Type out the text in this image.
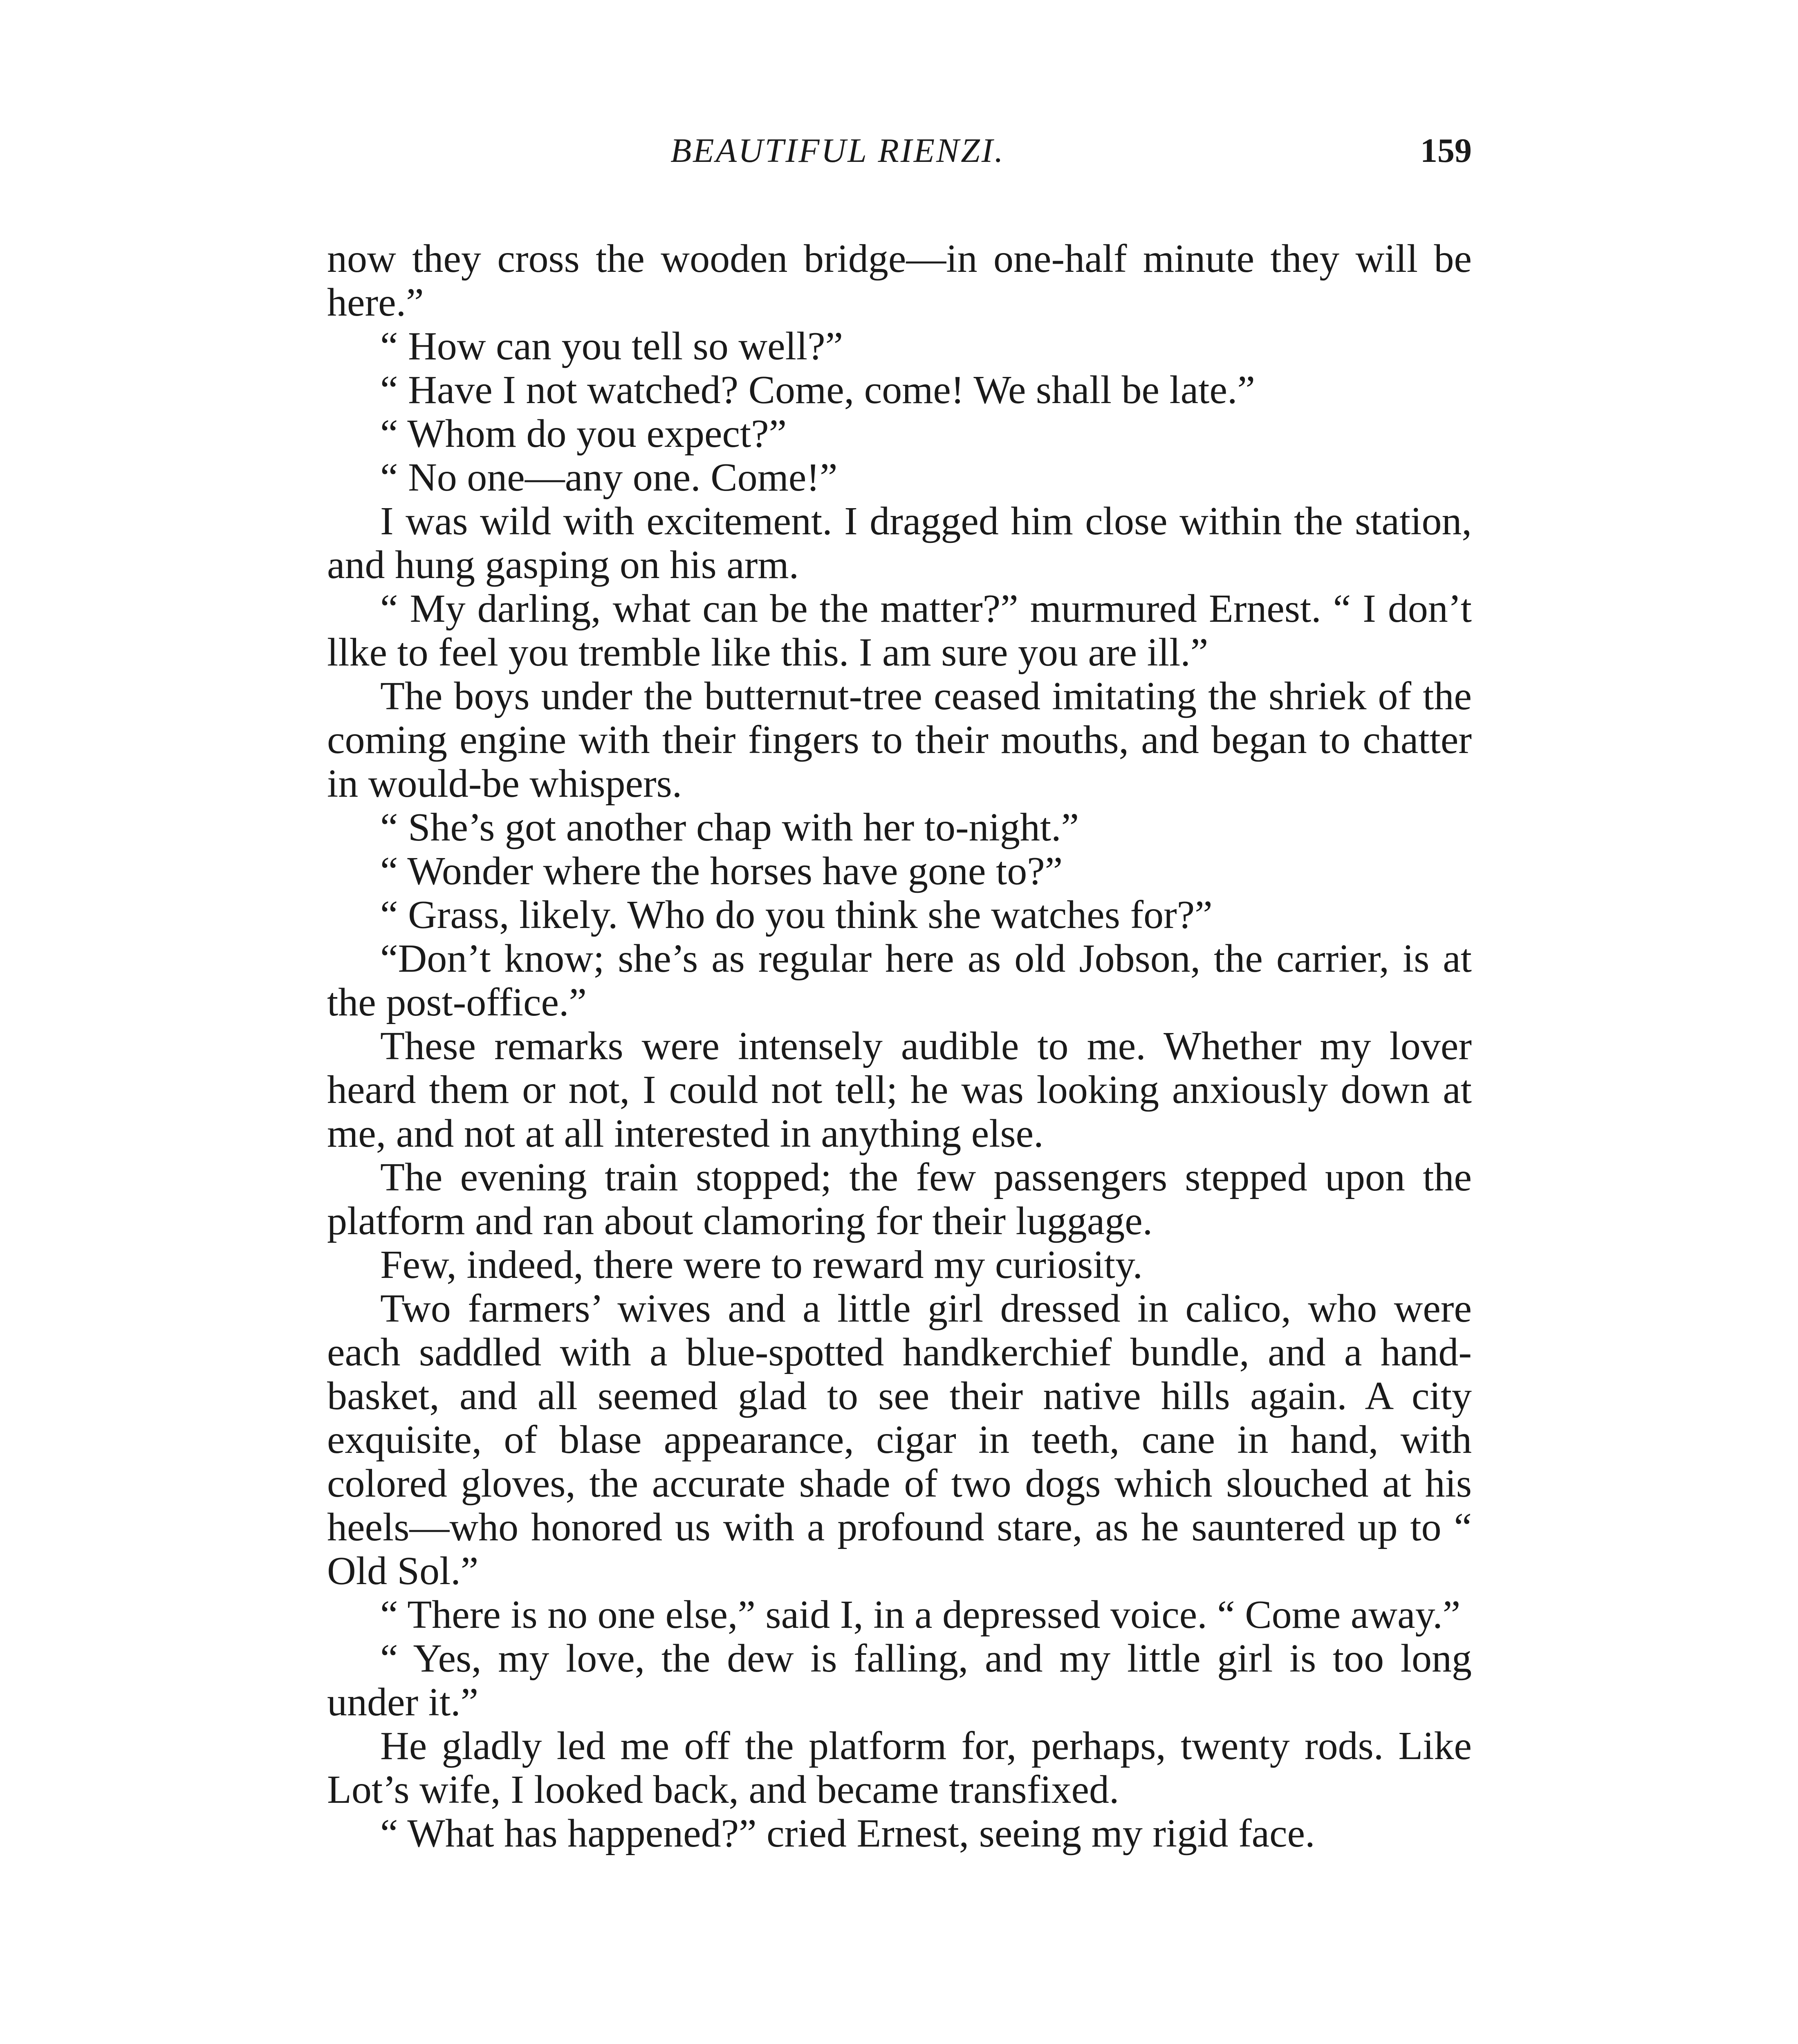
BEAUTIFUL RIENZI.	159

now they cross the wooden bridge—in one-half minute they will be here.”

“ How can you tell so well?”

“ Have I not watched? Come, come! We shall be late.”

“ Whom do you expect?”

“ No one—any one. Come!”

I was wild with excitement. I dragged him close within the station, and hung gasping on his arm.

“ My darling, what can be the matter?” murmured Ernest. “ I don’t llke to feel you tremble like this. I am sure you are ill.”

The boys under the butternut-tree ceased imitating the shriek of the coming engine with their fingers to their mouths, and began to chatter in would-be whispers.

“ She’s got another chap with her to-night.”

“ Wonder where the horses have gone to?”

“ Grass, likely. Who do you think she watches for?”

“Don’t know; she’s as regular here as old Jobson, the carrier, is at the post-office.”

These remarks were intensely audible to me. Whether my lover heard them or not, I could not tell; he was looking anxiously down at me, and not at all interested in anything else.

The evening train stopped; the few passengers stepped upon the platform and ran about clamoring for their luggage.

Few, indeed, there were to reward my curiosity.

Two farmers’ wives and a little girl dressed in calico, who were each saddled with a blue-spotted handkerchief bundle, and a hand-basket, and all seemed glad to see their native hills again. A city exquisite, of blase appearance, cigar in teeth, cane in hand, with colored gloves, the accurate shade of two dogs which slouched at his heels—who honored us with a profound stare, as he sauntered up to “ Old Sol.”

“ There is no one else,” said I, in a depressed voice. “ Come away.”

“ Yes, my love, the dew is falling, and my little girl is too long under it.”

He gladly led me off the platform for, perhaps, twenty rods. Like Lot’s wife, I looked back, and became transfixed.

“ What has happened?” cried Ernest, seeing my rigid face.
